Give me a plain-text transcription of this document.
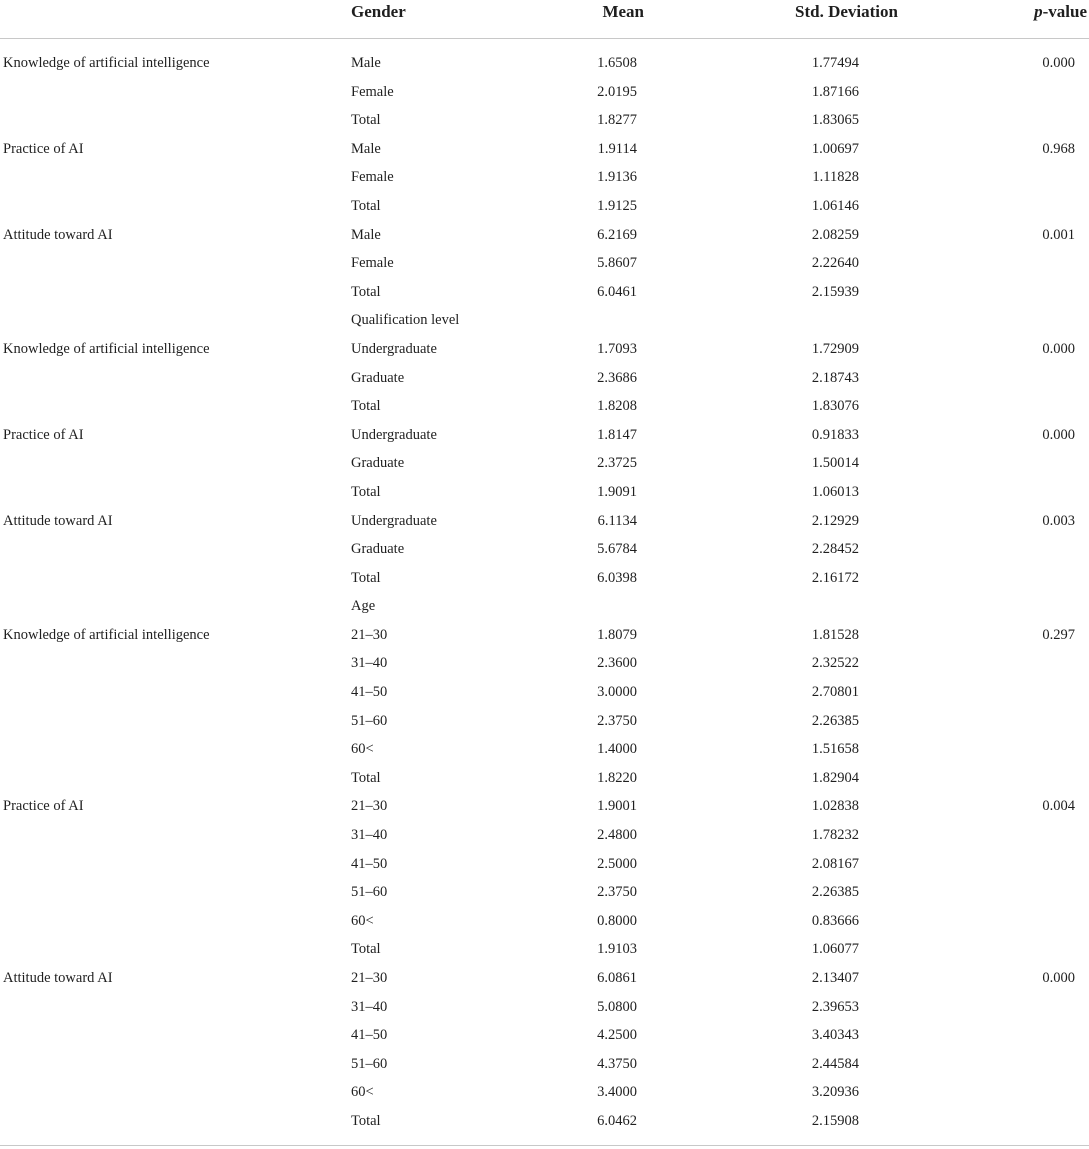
	Gender	Mean	Std. Deviation	p-value
Knowledge of artificial intelligence	Male	1.6508	1.77494	0.000
	Female	2.0195	1.87166	
	Total	1.8277	1.83065	
Practice of AI	Male	1.9114	1.00697	0.968
	Female	1.9136	1.11828	
	Total	1.9125	1.06146	
Attitude toward AI	Male	6.2169	2.08259	0.001
	Female	5.8607	2.22640	
	Total	6.0461	2.15939	
	Qualification level			
Knowledge of artificial intelligence	Undergraduate	1.7093	1.72909	0.000
	Graduate	2.3686	2.18743	
	Total	1.8208	1.83076	
Practice of AI	Undergraduate	1.8147	0.91833	0.000
	Graduate	2.3725	1.50014	
	Total	1.9091	1.06013	
Attitude toward AI	Undergraduate	6.1134	2.12929	0.003
	Graduate	5.6784	2.28452	
	Total	6.0398	2.16172	
	Age			
Knowledge of artificial intelligence	21–30	1.8079	1.81528	0.297
	31–40	2.3600	2.32522	
	41–50	3.0000	2.70801	
	51–60	2.3750	2.26385	
	60<	1.4000	1.51658	
	Total	1.8220	1.82904	
Practice of AI	21–30	1.9001	1.02838	0.004
	31–40	2.4800	1.78232	
	41–50	2.5000	2.08167	
	51–60	2.3750	2.26385	
	60<	0.8000	0.83666	
	Total	1.9103	1.06077	
Attitude toward AI	21–30	6.0861	2.13407	0.000
	31–40	5.0800	2.39653	
	41–50	4.2500	3.40343	
	51–60	4.3750	2.44584	
	60<	3.4000	3.20936	
	Total	6.0462	2.15908	
